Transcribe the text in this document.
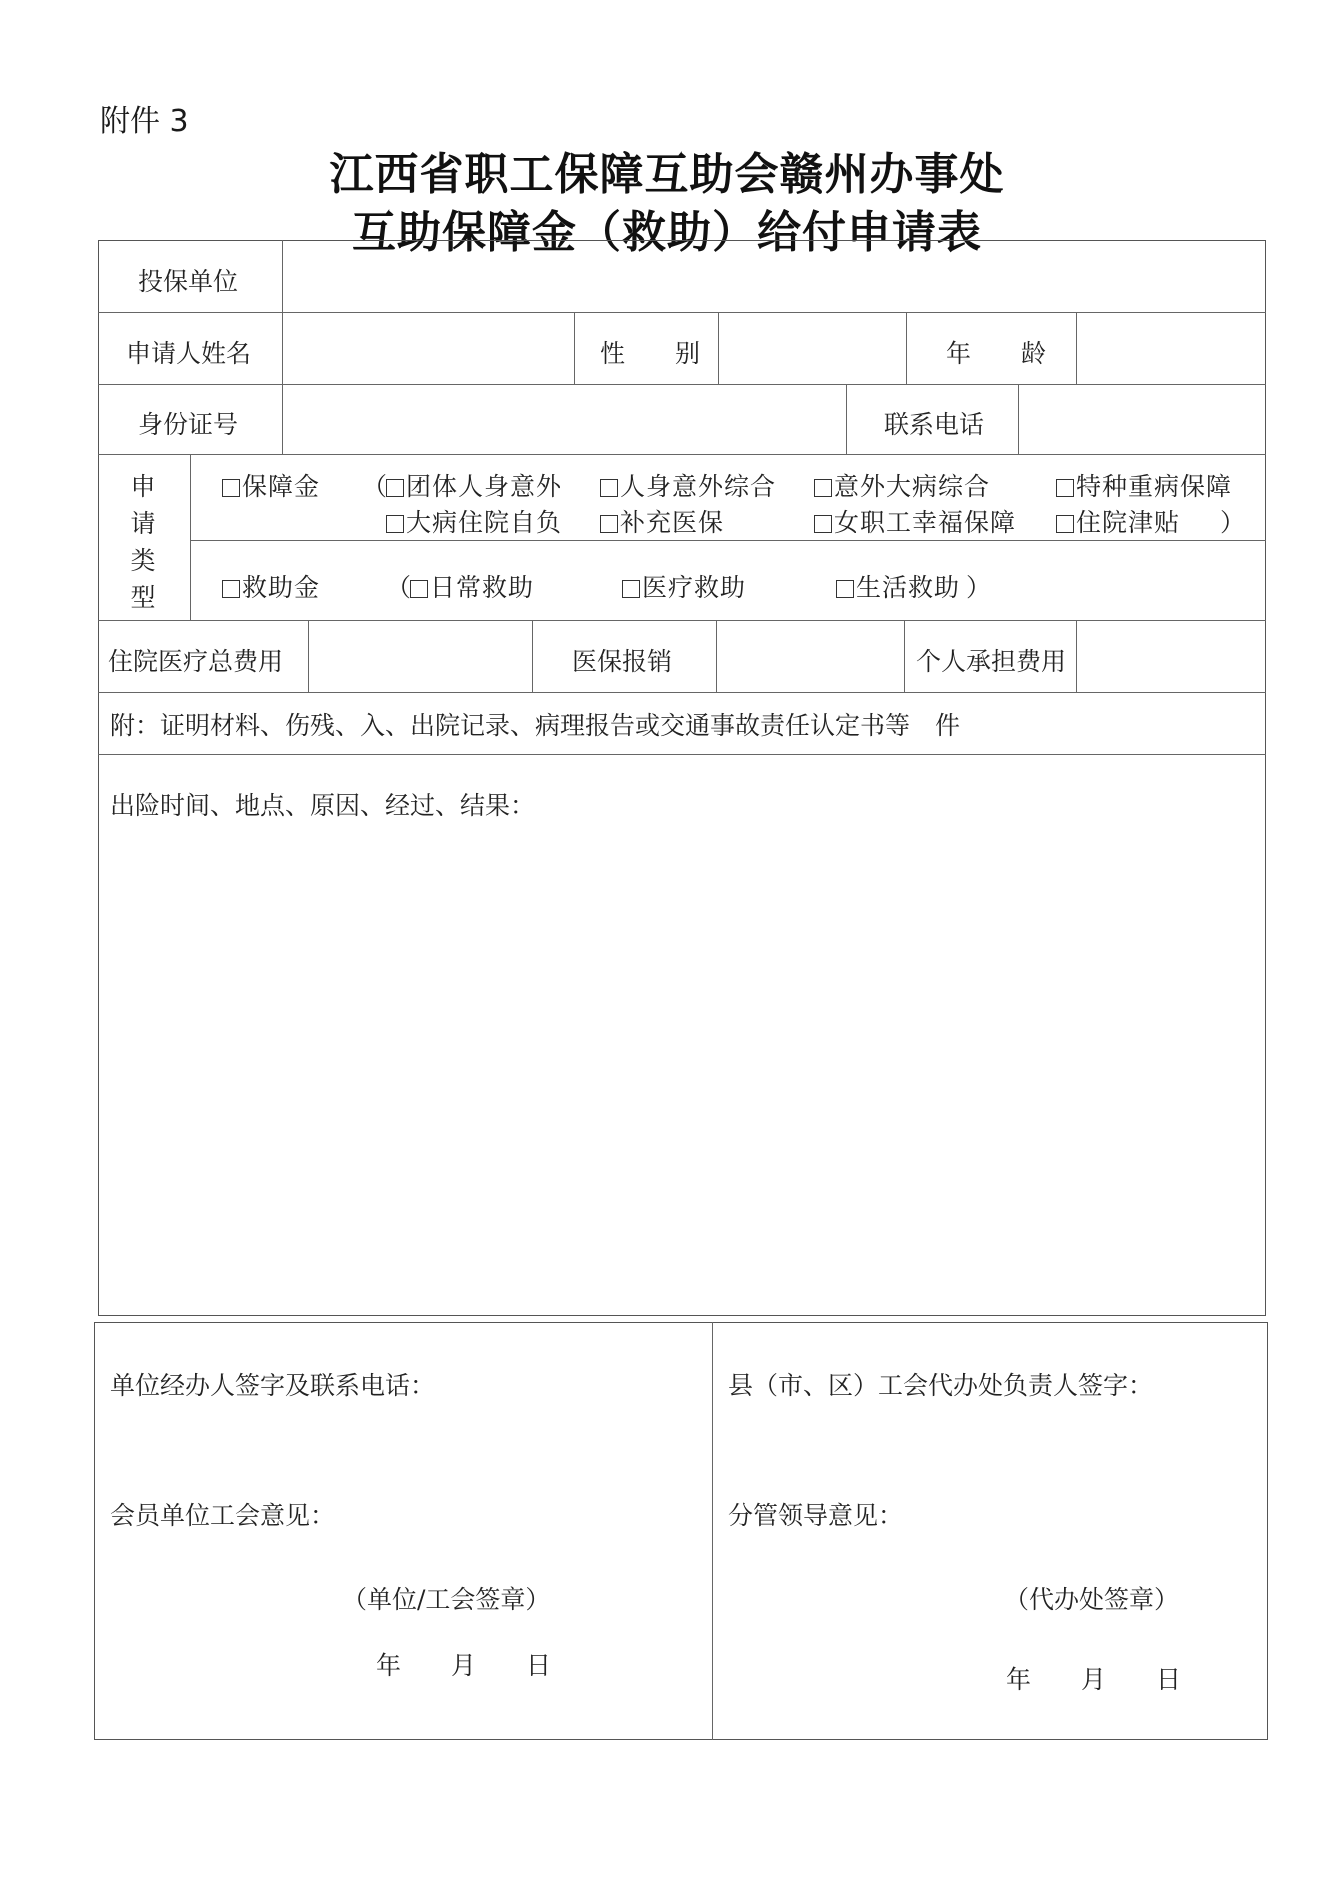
附件 3
江西省职工保障互助会赣州办事处
互助保障金（救助）给付申请表
投保单位
申请人姓名	性　　别	年　　龄
身份证号	联系电话
申
请
类
型
保障金 （ 团体人身意外	人身意外综合	意外大病综合	特种重病保障
大病住院自负	补充医保	女职工幸福保障	住院津贴 ）
救助金	（ 日常救助	医疗救助	生活救助 ）
住院医疗总费用	医保报销	个人承担费用
附：证明材料、伤残、入、出院记录、病理报告或交通事故责任认定书等　件
出险时间、地点、原因、经过、结果：
单位经办人签字及联系电话：
会员单位工会意见：
（单位/工会签章）
年　　月　　日
县（市、区）工会代办处负责人签字：
分管领导意见：
（代办处签章）
年　　月　　日
